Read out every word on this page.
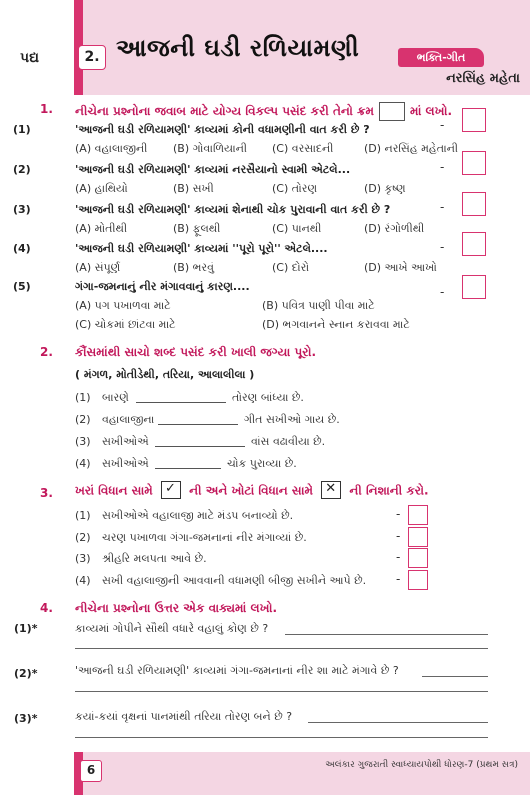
પદ્ય	2. આજની ઘડી રળિયામણી	ભક્તિ-ગીત
નરસિંહ મહેતા
1. નીચેના પ્રશ્નોના જવાબ માટે યોગ્ય વિકલ્પ પસંદ કરી તેનો ક્રમ	માં લખો.
(1)	'આજની ઘડી રળિયામણી' કાવ્યમાં કોની વધામણીની વાત કરી છે ?
(A) વહાલાજીની (B) ગોવાળિયાની (C) વરસાદની	(D) નરસિંહ મહેતાની
-
(2)	'આજની ઘડી રળિયામણી' કાવ્યમાં નરસૈયાનો સ્વામી એટલે...
(A) હાથિયો	(B) સખી	(C) તોરણ	(D) કૃષ્ણ
-
(3)	'આજની ઘડી રળિયામણી' કાવ્યમાં શેનાથી ચોક પુરાવાની વાત કરી છે ?
(A) મોતીથી	(B) ફૂલથી	(C) પાનથી	(D) રંગોળીથી
-
(4)	'આજની ઘડી રળિયામણી' કાવ્યમાં ''પૂરો પૂરો'' એટલે....
(A) સંપૂર્ણ	(B) ભરવું	(C) દોરો	(D) આખે આખો
-
(5)	ગંગા-જમનાનું નીર મંગાવવાનું કારણ....
(A) પગ પખાળવા માટે	(B) પવિત્ર પાણી પીવા માટે
(C) ચોકમાં છાંટવા માટે	(D) ભગવાનને સ્નાન કરાવવા માટે
-
2. કૌંસમાંથી સાચો શબ્દ પસંદ કરી ખાલી જગ્યા પૂરો.
( મંગળ, મોતીડેથી, તરિયા, આલાલીલા )
(1) બારણે	તોરણ બાંધ્યા છે.
(2) વહાલાજીના	ગીત સખીઓ ગાય છે.
(3) સખીઓએ	વાંસ વઢાવીયા છે.
(4) સખીઓએ	ચોક પુરાવ્યા છે.
3. ખરાં વિધાન સામે ✓ ની અને ખોટાં વિધાન સામે ✕ ની નિશાની કરો.
(1) સખીઓએ વહાલાજી માટે મંડપ બનાવ્યો છે.	-
(2) ચરણ પખાળવા ગંગા-જમનાનાં નીર મંગાવ્યાં છે.	-
(3) શ્રીહરિ મલપતા આવે છે.	-
(4) સખી વહાલાજીની આવવાની વધામણી બીજી સખીને આપે છે. -
4. નીચેના પ્રશ્નોના ઉત્તર એક વાક્યમાં લખો.
(1)*	કાવ્યમાં ગોપીને સૌથી વધારે વહાલું કોણ છે ?
(2)*	'આજની ઘડી રળિયામણી' કાવ્યમાં ગંગા-જમનાનાં નીર શા માટે મંગાવે છે ?
(3)*	કયાં-કયાં વૃક્ષનાં પાનમાંથી તરિયા તોરણ બને છે ?
6	અલંકાર ગુજરાતી સ્વાધ્યાયપોથી ધોરણ-7 (પ્રથમ સત્ર)
